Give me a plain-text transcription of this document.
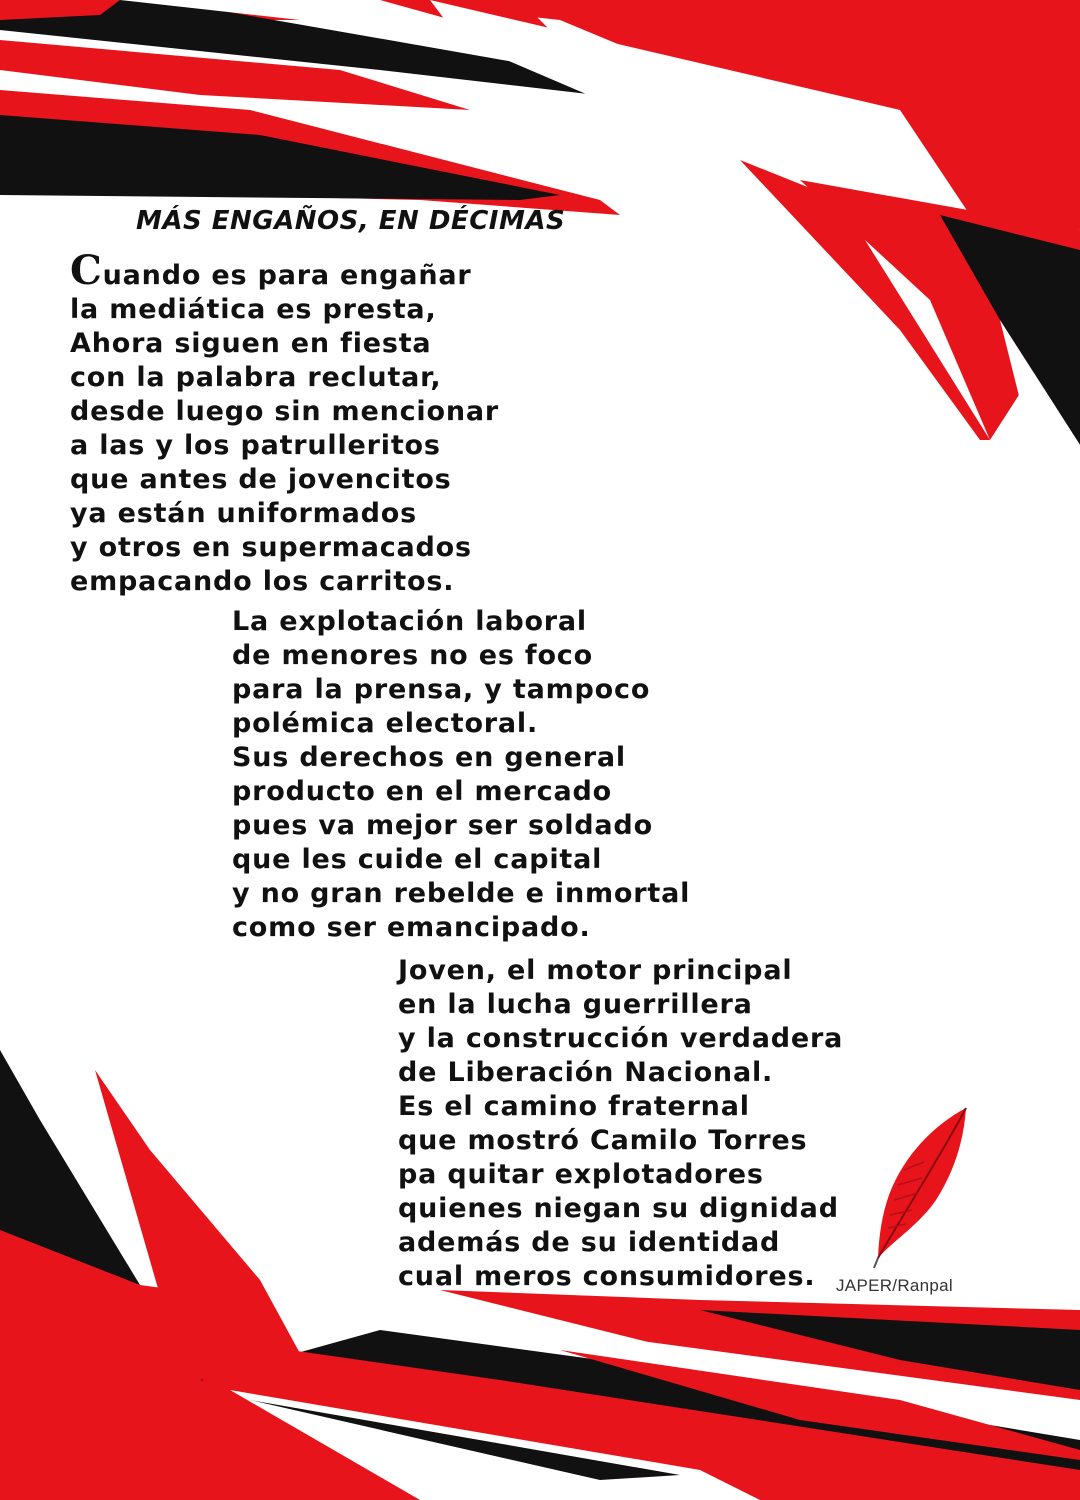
MÁS ENGAÑOS, EN DÉCIMAS
Cuando es para engañar
la mediática es presta,
Ahora siguen en fiesta
con la palabra reclutar,
desde luego sin mencionar
a las y los patrulleritos
que antes de jovencitos
ya están uniformados
y otros en supermacados
empacando los carritos.
La explotación laboral
de menores no es foco
para la prensa, y tampoco
polémica electoral.
Sus derechos en general
producto en el mercado
pues va mejor ser soldado
que les cuide el capital
y no gran rebelde e inmortal
como ser emancipado.
Joven, el motor principal
en la lucha guerrillera
y la construcción verdadera
de Liberación Nacional.
Es el camino fraternal
que mostró Camilo Torres
pa quitar explotadores
quienes niegan su dignidad
además de su identidad
cual meros consumidores.	JAPER/Ranpal
